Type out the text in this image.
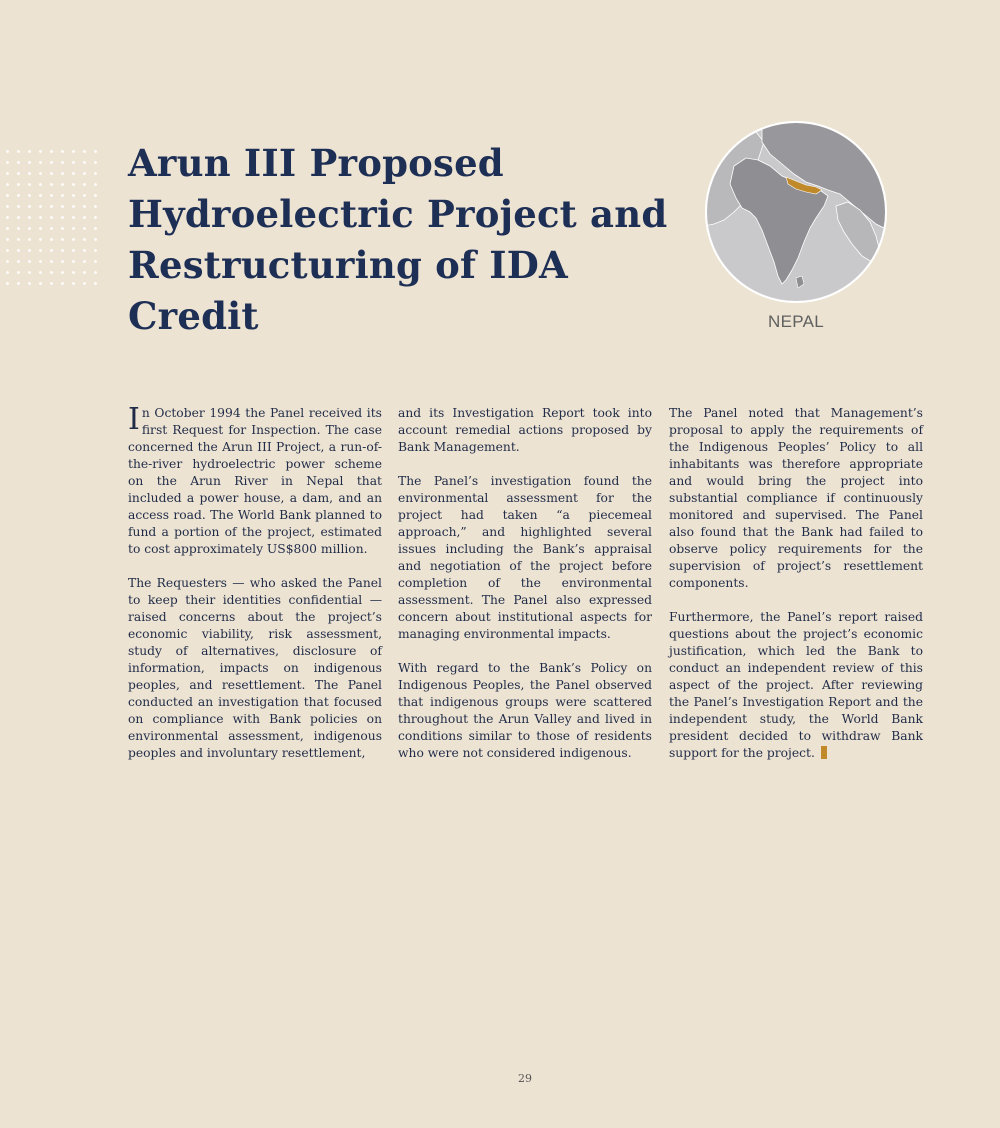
Arun III Proposed Hydroelectric Project and Restructuring of IDA Credit	NEPAL

In October 1994 the Panel received its first Request for Inspection. The case concerned the Arun III Project, a run-of-the-river hydroelectric power scheme on the Arun River in Nepal that included a power house, a dam, and an access road. The World Bank planned to fund a portion of the project, estimated to cost approximately US$800 million.

The Requesters — who asked the Panel to keep their identities confidential — raised concerns about the project’s economic viability, risk assessment, study of alternatives, disclosure of information, impacts on indigenous peoples, and resettlement. The Panel conducted an investigation that focused on compliance with Bank policies on environmental assessment, indigenous peoples and involuntary resettlement,

and its Investigation Report took into account remedial actions proposed by Bank Management.

The Panel’s investigation found the environmental assessment for the project had taken “a piecemeal approach,” and highlighted several issues including the Bank’s appraisal and negotiation of the project before completion of the environmental assessment. The Panel also expressed concern about institutional aspects for managing environmental impacts.

With regard to the Bank’s Policy on Indigenous Peoples, the Panel observed that indigenous groups were scattered throughout the Arun Valley and lived in conditions similar to those of residents who were not considered indigenous.

The Panel noted that Management’s proposal to apply the requirements of the Indigenous Peoples’ Policy to all inhabitants was therefore appropriate and would bring the project into substantial compliance if continuously monitored and supervised. The Panel also found that the Bank had failed to observe policy requirements for the supervision of project’s resettlement components.

Furthermore, the Panel’s report raised questions about the project’s economic justification, which led the Bank to conduct an independent review of this aspect of the project. After reviewing the Panel’s Investigation Report and the independent study, the World Bank president decided to withdraw Bank support for the project.

29
